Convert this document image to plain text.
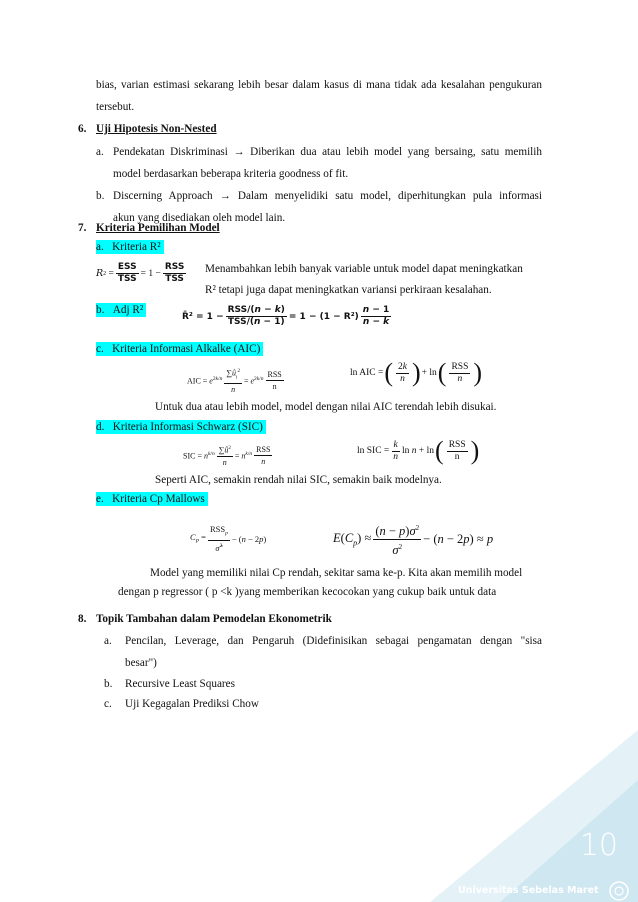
bias, varian estimasi sekarang lebih besar dalam kasus di mana tidak ada kesalahan pengukuran
tersebut.
6. Uji Hipotesis Non-Nested
a. Pendekatan Diskriminasi → Diberikan dua atau lebih model yang bersaing, satu memilih
model berdasarkan beberapa kriteria goodness of fit.
b. Discerning Approach → Dalam menyelidiki satu model, diperhitungkan pula informasi
akun yang disediakan oleh model lain.
7. Kriteria Pemilihan Model
a. Kriteria R²
R $2 = \frac{\text{ESS}}{\text{TSS}} = 1 - \frac{\text{RSS}}{\text{TSS}}$ Menambahkan lebih banyak variable untuk model dapat meningkatkan
R² tetapi juga dapat meningkatkan variansi perkiraan kesalahan.
b. Adj R²
R̄² = $1 - \frac{\text{RSS/(n − k)}}{\text{TSS/(n − 1)}} = 1 - (1 - R^2) \frac{n - 1}{n - k}$
c. Kriteria Informasi Alkalke (AIC)
AIC = $e^{2k/n} \frac{\sum û_i^2}{n} = e^{2k/n} \frac{\text{RSS}}{n}$	ln AIC = ( $\frac{2k}{n}$ ) + ln ( $\frac{\text{RSS}}{n}$ )
Untuk dua atau lebih model, model dengan nilai AIC terendah lebih disukai.
d. Kriteria Informasi Schwarz (SIC)
SIC = $n^{k/n} \frac{\sum û^2}{n} = n^{k/n} \frac{\text{RSS}}{n}$	ln SIC = $\frac{k}{n}$ ln n + ln ( $\frac{\text{RSS}}{n}$ )
Seperti AIC, semakin rendah nilai SIC, semakin baik modelnya.
e. Kriteria Cp Mallows
$C_P = \frac{RSS_p}{\sigmâ^2} - (n - 2p)$	$E(C_p) \approx \frac{(n - p)\sigma^2}{\sigma^2} - (n - 2p) \approx p$
Model yang memiliki nilai Cp rendah, sekitar sama ke-p. Kita akan memilih model
dengan p regressor ( p <k )yang memberikan kecocokan yang cukup baik untuk data
8. Topik Tambahan dalam Pemodelan Ekonometrik
a. Pencilan, Leverage, dan Pengaruh (Didefinisikan sebagai pengamatan dengan "sisa
besar")
b. Recursive Least Squares
c. Uji Kegagalan Prediksi Chow
10
Universitas Sebelas Maret
